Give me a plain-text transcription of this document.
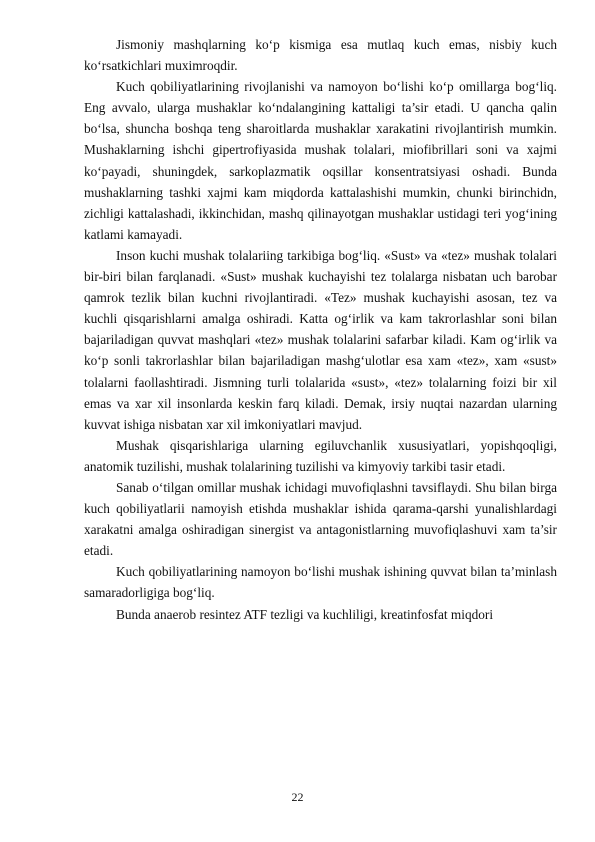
Jismoniy mashqlarning ko‘p kismiga esa mutlaq kuch emas, nisbiy kuch ko‘rsatkichlari muximroqdir.

Kuch qobiliyatlarining rivojlanishi va namoyon bo‘lishi ko‘p omillarga bog‘liq. Eng avvalo, ularga mushaklar ko‘ndalangining kattaligi ta’sir etadi. U qancha qalin bo‘lsa, shuncha boshqa teng sharoitlarda mushaklar xarakatini rivojlantirish mumkin. Mushaklarning ishchi gipertrofiyasida mushak tolalari, miofibrillari soni va xajmi ko‘payadi, shuningdek, sarkoplazmatik oqsillar konsentratsiyasi oshadi. Bunda mushaklarning tashki xajmi kam miqdorda kattalashishi mumkin, chunki birinchidn, zichligi kattalashadi, ikkinchidan, mashq qilinayotgan mushaklar ustidagi teri yog‘ining katlami kamayadi.

Inson kuchi mushak tolalariing tarkibiga bog‘liq. «Sust» va «tez» mushak tolalari bir-biri bilan farqlanadi. «Sust» mushak kuchayishi tez tolalarga nisbatan uch barobar qamrok tezlik bilan kuchni rivojlantiradi. «Tez» mushak kuchayishi asosan, tez va kuchli qisqarishlarni amalga oshiradi. Katta og‘irlik va kam takrorlashlar soni bilan bajariladigan quvvat mashqlari «tez» mushak tolalarini safarbar kiladi. Kam og‘irlik va ko‘p sonli takrorlashlar bilan bajariladigan mashg‘ulotlar esa xam «tez», xam «sust» tolalarni faollashtiradi. Jismning turli tolalarida «sust», «tez» tolalarning foizi bir xil emas va xar xil insonlarda keskin farq kiladi. Demak, irsiy nuqtai nazardan ularning kuvvat ishiga nisbatan xar xil imkoniyatlari mavjud.

Mushak qisqarishlariga ularning egiluvchanlik xususiyatlari, yopishqoqligi, anatomik tuzilishi, mushak tolalarining tuzilishi va kimyoviy tarkibi tasir etadi.

Sanab o‘tilgan omillar mushak ichidagi muvofiqlashni tavsiflaydi. Shu bilan birga kuch qobiliyatlarii namoyish etishda mushaklar ishida qarama-qarshi yunalishlardagi xarakatni amalga oshiradigan sinergist va antagonistlarning muvofiqlashuvi xam ta’sir etadi.

Kuch qobiliyatlarining namoyon bo‘lishi mushak ishining quvvat bilan ta’minlash samaradorligiga bog‘liq.

Bunda anaerob resintez ATF tezligi va kuchliligi, kreatinfosfat miqdori

22
